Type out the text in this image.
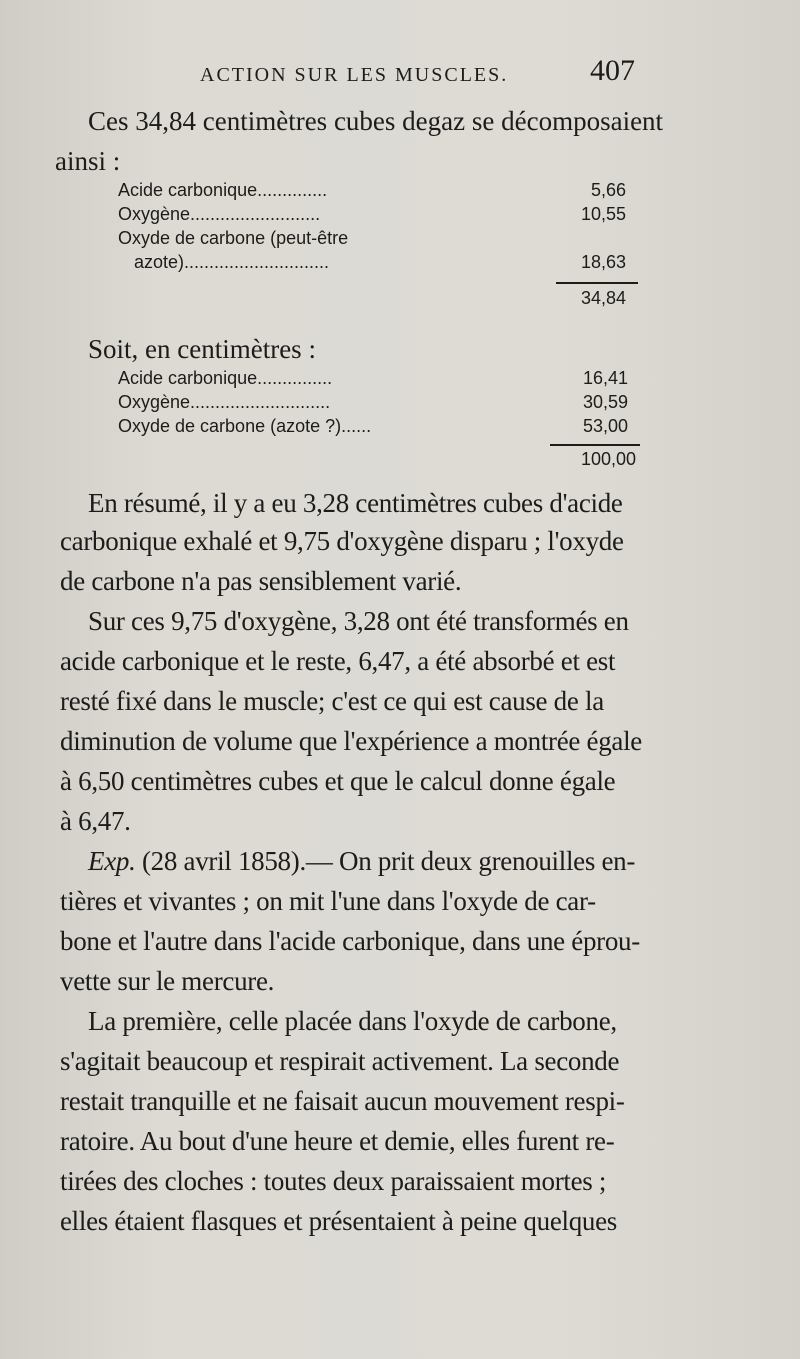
ACTION SUR LES MUSCLES.	407
Ces 34,84 centimètres cubes degaz se décomposaient
ainsi :
Acide carbonique..............	5,66
Oxygène..........................	10,55
Oxyde de carbone (peut-être
azote).............................	18,63
34,84
Soit, en centimètres :
Acide carbonique...............	16,41
Oxygène............................	30,59
Oxyde de carbone (azote ?)......	53,00
100,00
En résumé, il y a eu 3,28 centimètres cubes d'acide
carbonique exhalé et 9,75 d'oxygène disparu ; l'oxyde
de carbone n'a pas sensiblement varié.
Sur ces 9,75 d'oxygène, 3,28 ont été transformés en
acide carbonique et le reste, 6,47, a été absorbé et est
resté fixé dans le muscle; c'est ce qui est cause de la
diminution de volume que l'expérience a montrée égale
à 6,50 centimètres cubes et que le calcul donne égale
à 6,47.
Exp. (28 avril 1858).— On prit deux grenouilles en-
tières et vivantes ; on mit l'une dans l'oxyde de car-
bone et l'autre dans l'acide carbonique, dans une éprou-
vette sur le mercure.
La première, celle placée dans l'oxyde de carbone,
s'agitait beaucoup et respirait activement. La seconde
restait tranquille et ne faisait aucun mouvement respi-
ratoire. Au bout d'une heure et demie, elles furent re-
tirées des cloches : toutes deux paraissaient mortes ;
elles étaient flasques et présentaient à peine quelques
